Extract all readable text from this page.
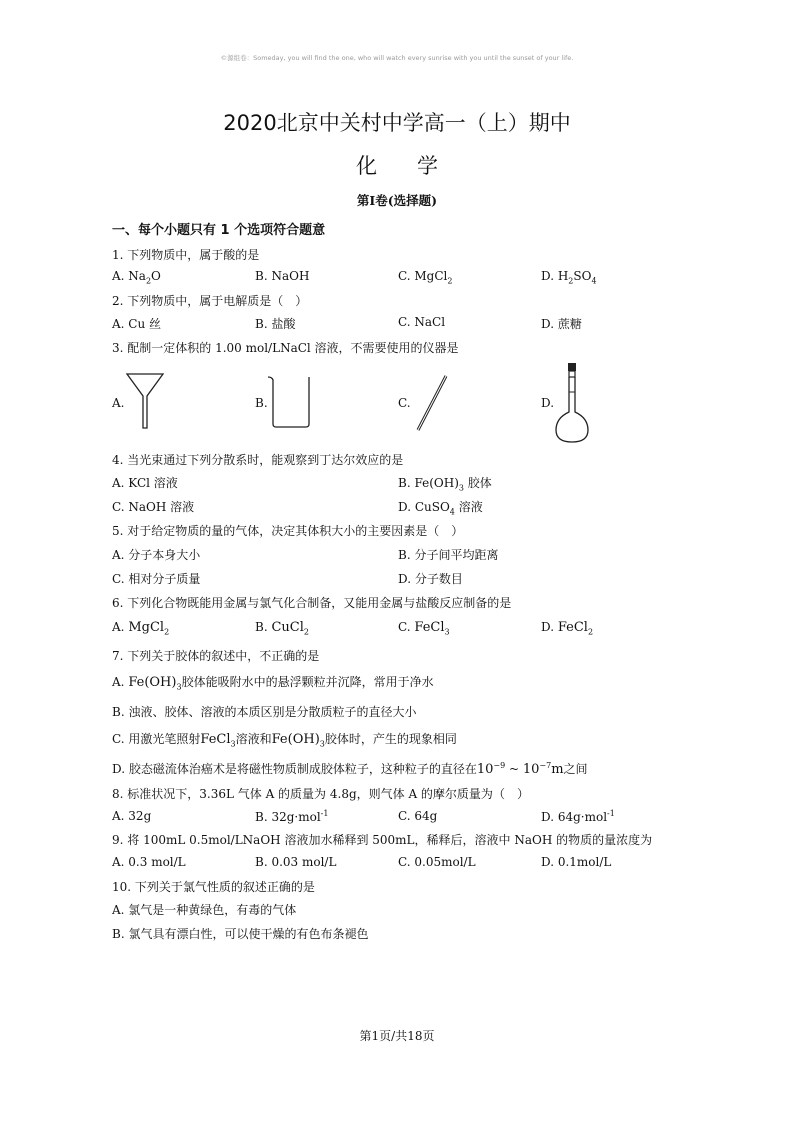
©源组卷：Someday, you will find the one, who will watch every sunrise with you until the sunset of your life.
2020北京中关村中学高一（上）期中
化 学
第I卷(选择题)
一、每个小题只有 1 个选项符合题意
1. 下列物质中，属于酸的是
A. $Na_2O$	B. NaOH	C. MgCl$_2$	D. $H_2SO_4$
2. 下列物质中，属于电解质是（　）
A. Cu 丝	B. 盐酸	C. NaCl	D. 蔗糖
3. 配制一定体积的 1.00 mol/LNaCl 溶液，不需要使用的仪器是
A.	B.	C.	D.
4. 当光束通过下列分散系时，能观察到丁达尔效应的是
A. KCl 溶液	B. $Fe(OH)_3$ 胶体
C. NaOH 溶液	D. CuSO$_4$ 溶液
5. 对于给定物质的量的气体，决定其体积大小的主要因素是（　）
A. 分子本身大小	B. 分子间平均距离
C. 相对分子质量	D. 分子数目
6. 下列化合物既能用金属与氯气化合制备，又能用金属与盐酸反应制备的是
A. MgCl$_2$	B. CuCl$_2$	C. FeCl$_3$	D. FeCl$_2$
7. 下列关于胶体的叙述中，不正确的是
A. $Fe(OH)_3$胶体能吸附水中的悬浮颗粒并沉降，常用于净水
B. 浊液、胶体、溶液的本质区别是分散质粒子的直径大小
C. 用激光笔照射FeCl$_3$溶液和$Fe(OH)_3$胶体时，产生的现象相同
D. 胶态磁流体治癌术是将磁性物质制成胶体粒子，这种粒子的直径在$10^{-9}$ ~ $10^{-7}m$之间
8. 标准状况下，3.36L 气体 A 的质量为 4.8g，则气体 A 的摩尔质量为（　）
A. 32g	B. 32g·mol$^{-1}$	C. 64g	D. 64g·mol$^{-1}$
9. 将 100mL 0.5mol/LNaOH 溶液加水稀释到 500mL，稀释后，溶液中 NaOH 的物质的量浓度为
A. 0.3 mol/L	B. 0.03 mol/L	C. 0.05mol/L	D. 0.1mol/L
10. 下列关于氯气性质的叙述正确的是
A. 氯气是一种黄绿色，有毒的气体
B. 氯气具有漂白性，可以使干燥的有色布条褪色
第1页/共18页
